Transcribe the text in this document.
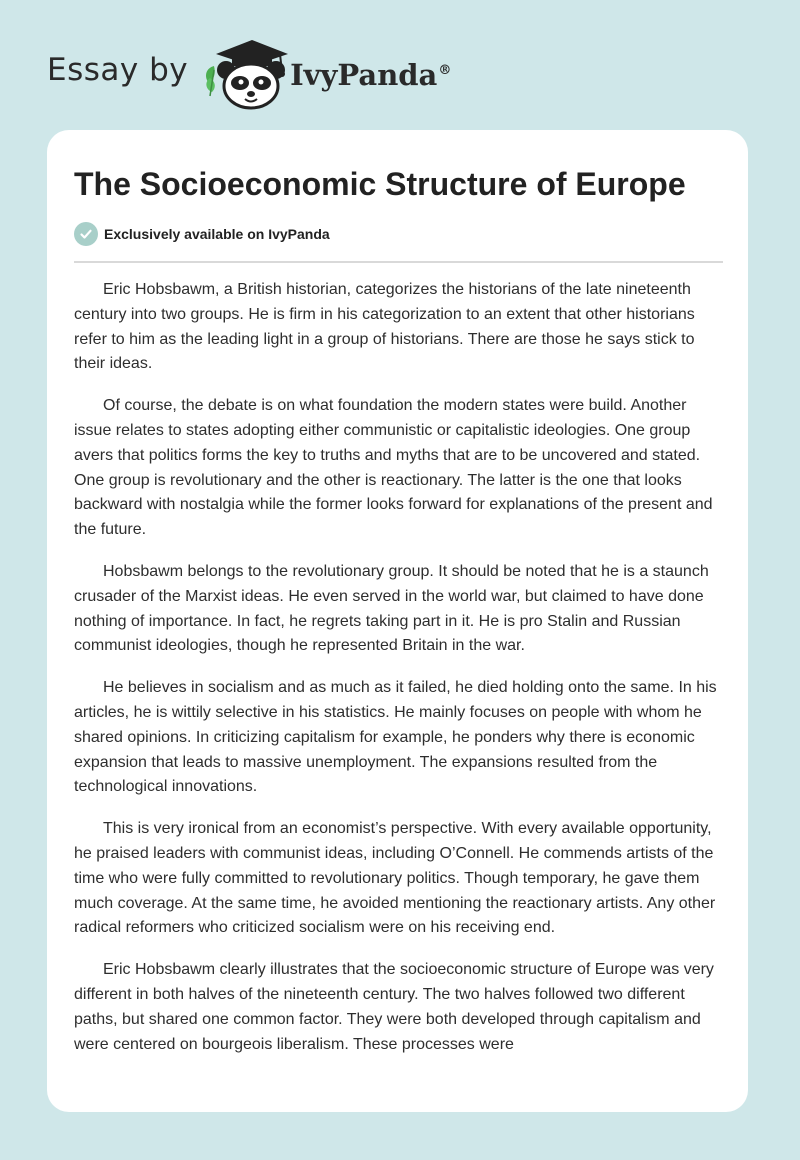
Essay by	IvyPanda®
The Socioeconomic Structure of Europe
Exclusively available on IvyPanda

Eric Hobsbawm, a British historian, categorizes the historians of the late nineteenth century into two groups. He is firm in his categorization to an extent that other historians refer to him as the leading light in a group of historians. There are those he says stick to their ideas.

Of course, the debate is on what foundation the modern states were build. Another issue relates to states adopting either communistic or capitalistic ideologies. One group avers that politics forms the key to truths and myths that are to be uncovered and stated. One group is revolutionary and the other is reactionary. The latter is the one that looks backward with nostalgia while the former looks forward for explanations of the present and the future.

Hobsbawm belongs to the revolutionary group. It should be noted that he is a staunch crusader of the Marxist ideas. He even served in the world war, but claimed to have done nothing of importance. In fact, he regrets taking part in it. He is pro Stalin and Russian communist ideologies, though he represented Britain in the war.

He believes in socialism and as much as it failed, he died holding onto the same. In his articles, he is wittily selective in his statistics. He mainly focuses on people with whom he shared opinions. In criticizing capitalism for example, he ponders why there is economic expansion that leads to massive unemployment. The expansions resulted from the technological innovations.

This is very ironical from an economist’s perspective. With every available opportunity, he praised leaders with communist ideas, including O’Connell. He commends artists of the time who were fully committed to revolutionary politics. Though temporary, he gave them much coverage. At the same time, he avoided mentioning the reactionary artists. Any other radical reformers who criticized socialism were on his receiving end.

Eric Hobsbawm clearly illustrates that the socioeconomic structure of Europe was very different in both halves of the nineteenth century. The two halves followed two different paths, but shared one common factor. They were both developed through capitalism and were centered on bourgeois liberalism. These processes were
